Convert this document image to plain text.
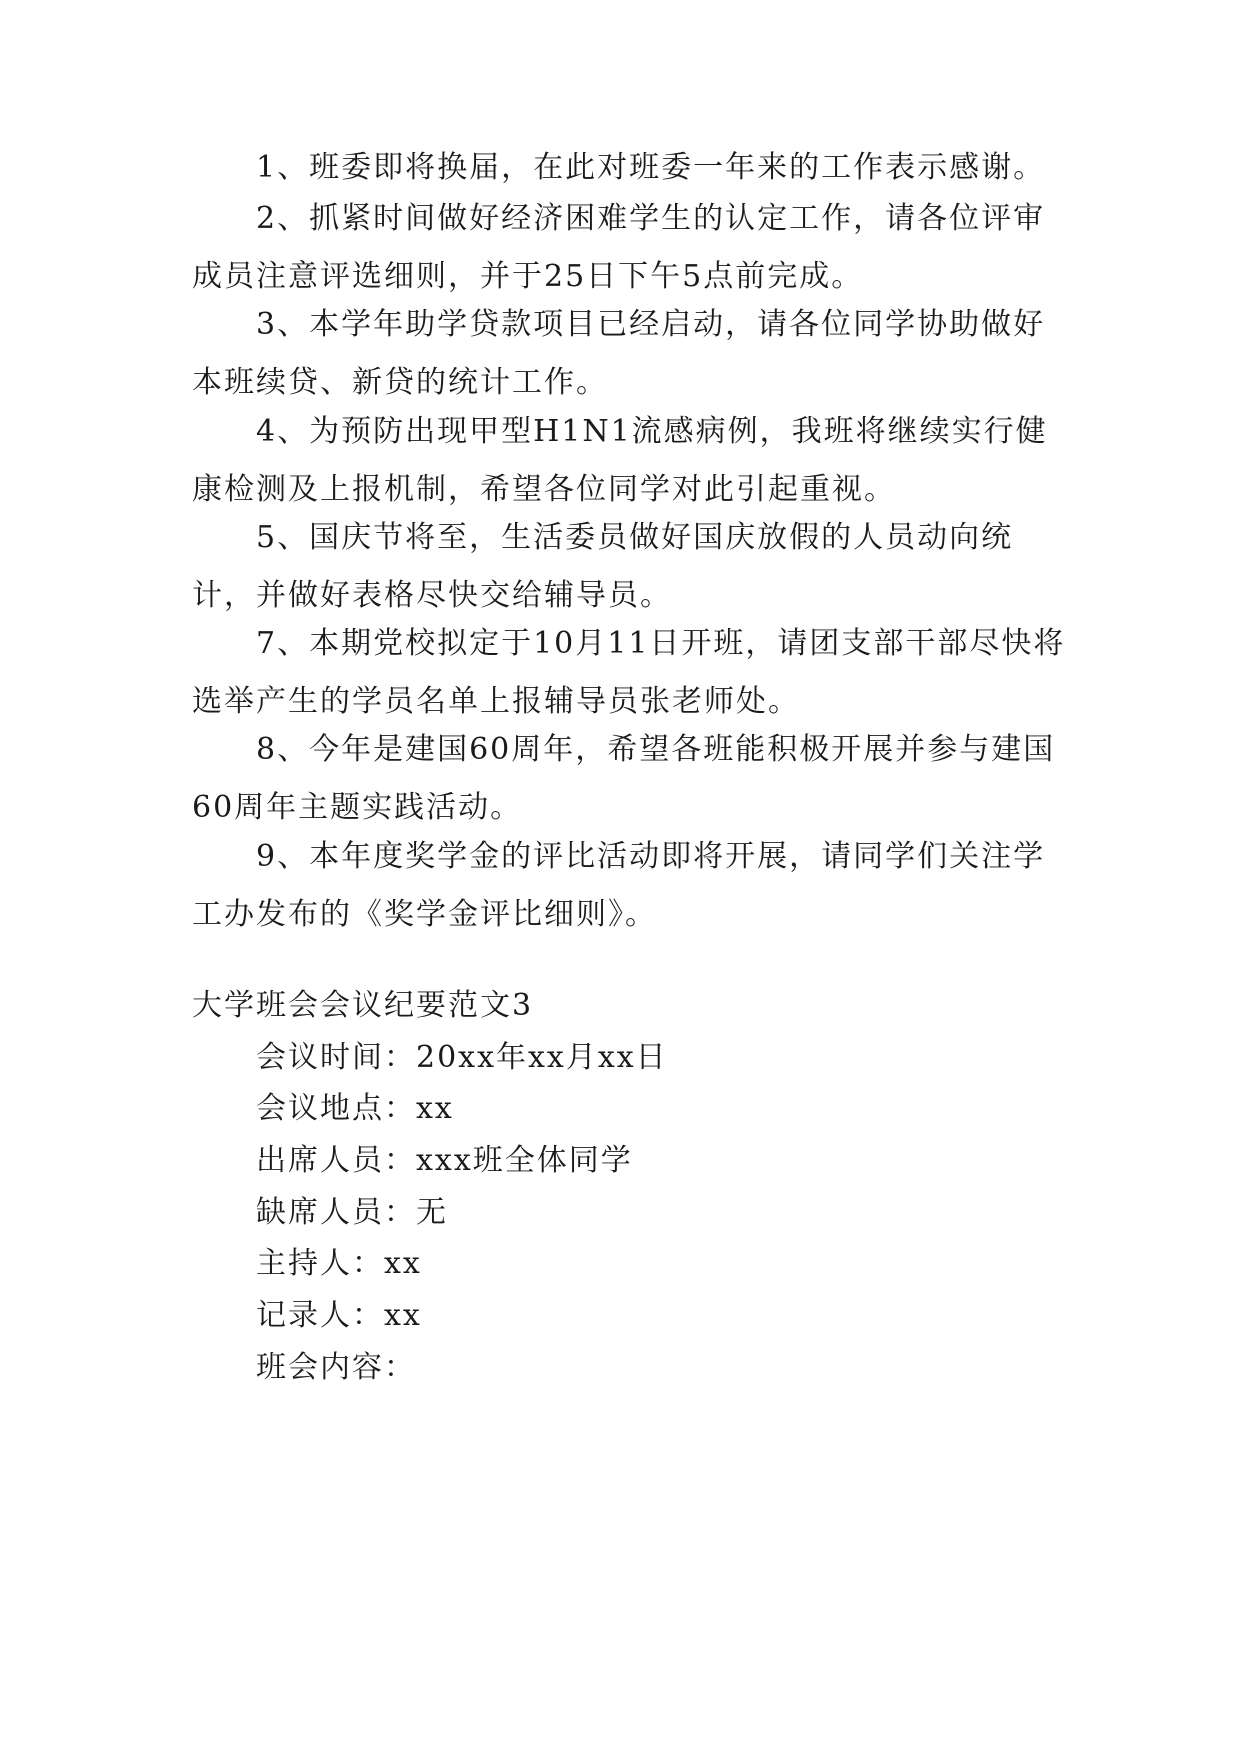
1、班委即将换届，在此对班委一年来的工作表示感谢。

2、抓紧时间做好经济困难学生的认定工作，请各位评审成员注意评选细则，并于25日下午5点前完成。

3、本学年助学贷款项目已经启动，请各位同学协助做好本班续贷、新贷的统计工作。

4、为预防出现甲型H1N1流感病例，我班将继续实行健康检测及上报机制，希望各位同学对此引起重视。

5、国庆节将至，生活委员做好国庆放假的人员动向统计，并做好表格尽快交给辅导员。

7、本期党校拟定于10月11日开班，请团支部干部尽快将选举产生的学员名单上报辅导员张老师处。

8、今年是建国60周年，希望各班能积极开展并参与建国60周年主题实践活动。

9、本年度奖学金的评比活动即将开展，请同学们关注学工办发布的《奖学金评比细则》。

大学班会会议纪要范文3
会议时间：20xx年xx月xx日
会议地点：xx
出席人员：xxx班全体同学
缺席人员：无
主持人：xx
记录人：xx
班会内容：
